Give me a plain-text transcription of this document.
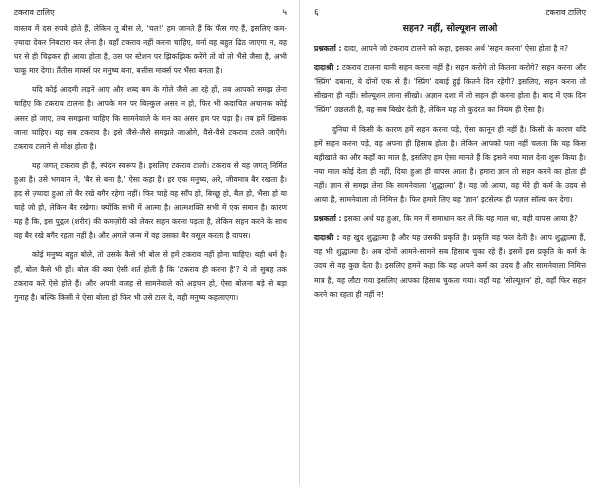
टकराव टालिए	५

वास्तव में दस रुपये होते हैं, लेकिन तू बीस ले, 'चल!' हम जानते हैं कि फँस गए हैं, इसलिए कम-ज़्यादा देकर निबटारा कर लेना है। वहाँ टकराव नहीं करना चाहिए, वर्ना वह बहुत ढिठ जाएगा न, वह घर से ही चिढ़कर ही आया होता है, उस पर स्टेशन पर झिकझिक करेंगे तो वो तो भैंसे जैसा है, अभी चाकू मार देगा। तैंतीस मार्क्स पर मनुष्य बना, बत्तीस मार्क्स पर भैंसा बनता है।

यदि कोई आदमी लड़ने आए और शब्द बम के गोले जैसे आ रहे हों, तब आपको समझ लेना चाहिए कि टकराव टालना है। आपके मन पर बिल्कुल असर न हो, फिर भी कदाचित अचानक कोई असर हो जाए, तब समझना चाहिए कि सामनेवाले के मन का असर हम पर पड़ा है। तब हमें खिसक जाना चाहिए। यह सब टकराव है। इसे जैसे-जैसे समझते जाओगे, वैसे-वैसे टकराव टलते जाएँगे। टकराव टलाने से मोक्ष होता है।

यह जगत् टकराव ही है, स्पंदन स्वरूप है। इसलिए टकराव टालो। टकराव से यह जगत् निर्मित हुआ है। उसे भगवान ने, 'बैर से बना है,' ऐसा कहा है। हर एक मनुष्य, अरे, जीवमात्र बैर रखता है। हद से ज़्यादा हुआ तो बैर रखे बगैर रहेगा नहीं। फिर चाहे वह साँप हो, बिच्छू हो, बैल हो, भैंसा हो या चाहे जो हो, लेकिन बैर रखेगा। क्योंकि सभी में आत्मा है। आत्मशक्ति सभी में एक समान है। कारण यह है कि, इस पुद्गल (शरीर) की कमज़ोरी को लेकर सहन करना पड़ता है, लेकिन सहन करने के साथ वह बैर रखे बगैर रहता नहीं है। और अगले जन्म में वह उसका बैर वसूल करता है वापस।

कोई मनुष्य बहुत बोले, तो उसके कैसे भी बोल से हमें टकराव नहीं होना चाहिए। यही धर्म है। हाँ, बोल कैसे भी हों। बोल की क्या ऐसी शर्त होती है कि 'टकराव ही करना है'? ये तो सुबह तक टकराव करें ऐसे होते हैं। और अपनी वजह से सामनेवाले को अड़चन हो, ऐसा बोलना बड़े से बड़ा गुनाह है। बल्कि किसी ने ऐसा बोला हो फिर भी उसे टाल दे, वही मनुष्य कहलाएगा।

६	टकराव टालिए
सहन? नहीं, सोल्यूशन लाओ

प्रश्नकर्ता : दादा, आपने जो टकराव टालने को कहा, इसका अर्थ 'सहन करना' ऐसा होता है न?

दादाश्री : टकराव टालना यानी सहन करना नहीं है। सहन करोगे तो कितना करोगे? सहन करना और 'स्प्रिंग' दबाना, ये दोनों एक से हैं। 'स्प्रिंग' दबाई हुई कितने दिन रहेगी? इसलिए, सहन करना तो सीखना ही नहीं। सोल्यूशन लाना सीखो। अज्ञान दशा में तो सहन ही करना होता है। बाद में एक दिन 'स्प्रिंग' उछलती है, वह सब बिखेर देती है, लेकिन यह तो कुदरत का नियम ही ऐसा है।

दुनिया में किसी के कारण हमें सहन करना पड़े, ऐसा कानून ही नहीं है। किसी के कारण यदि हमें सहन करना पड़े, वह अपना ही हिसाब होता है। लेकिन आपको पता नहीं चलता कि यह किस बहीखाते का और कहाँ का माल है, इसलिए हम ऐसा मानते हैं कि इसने नया माल देना शुरू किया है। नया माल कोई देता ही नहीं, दिया हुआ ही वापस आता है। हमारा ज्ञान तो सहन करने का होता ही नहीं। ज्ञान से समझ लेना कि सामनेवाला 'शुद्धात्मा' है। यह जो आया, वह मेरे ही कर्म के उदय से आया है, सामनेवाला तो निमित्त है। फिर हमारे लिए यह 'ज्ञान' इटसेल्फ ही पज़ल सॉल्व कर देगा।

प्रश्नकर्ता : इसका अर्थ यह हुआ, कि मन में समाधान कर लें कि यह माल था, वही वापस आया है?

दादाश्री : वह खुद शुद्धात्मा है और यह उसकी प्रकृति है। प्रकृति यह फल देती है। आप शुद्धात्मा हैं, वह भी शुद्धात्मा है। अब दोनों आमने-सामने सब हिसाब चुका रहे हैं। इसमें इस प्रकृति के कर्म के उदय से वह कुछ देता है। इसलिए हमने कहा कि यह अपने कर्म का उदय है और सामनेवाला निमित्त मात्र है, वह लौटा गया इसलिए आपका हिसाब चुकता गया। वहाँ यह 'सोल्यूशन' हो, वहाँ फिर सहन करने का रहता ही नहीं न!
